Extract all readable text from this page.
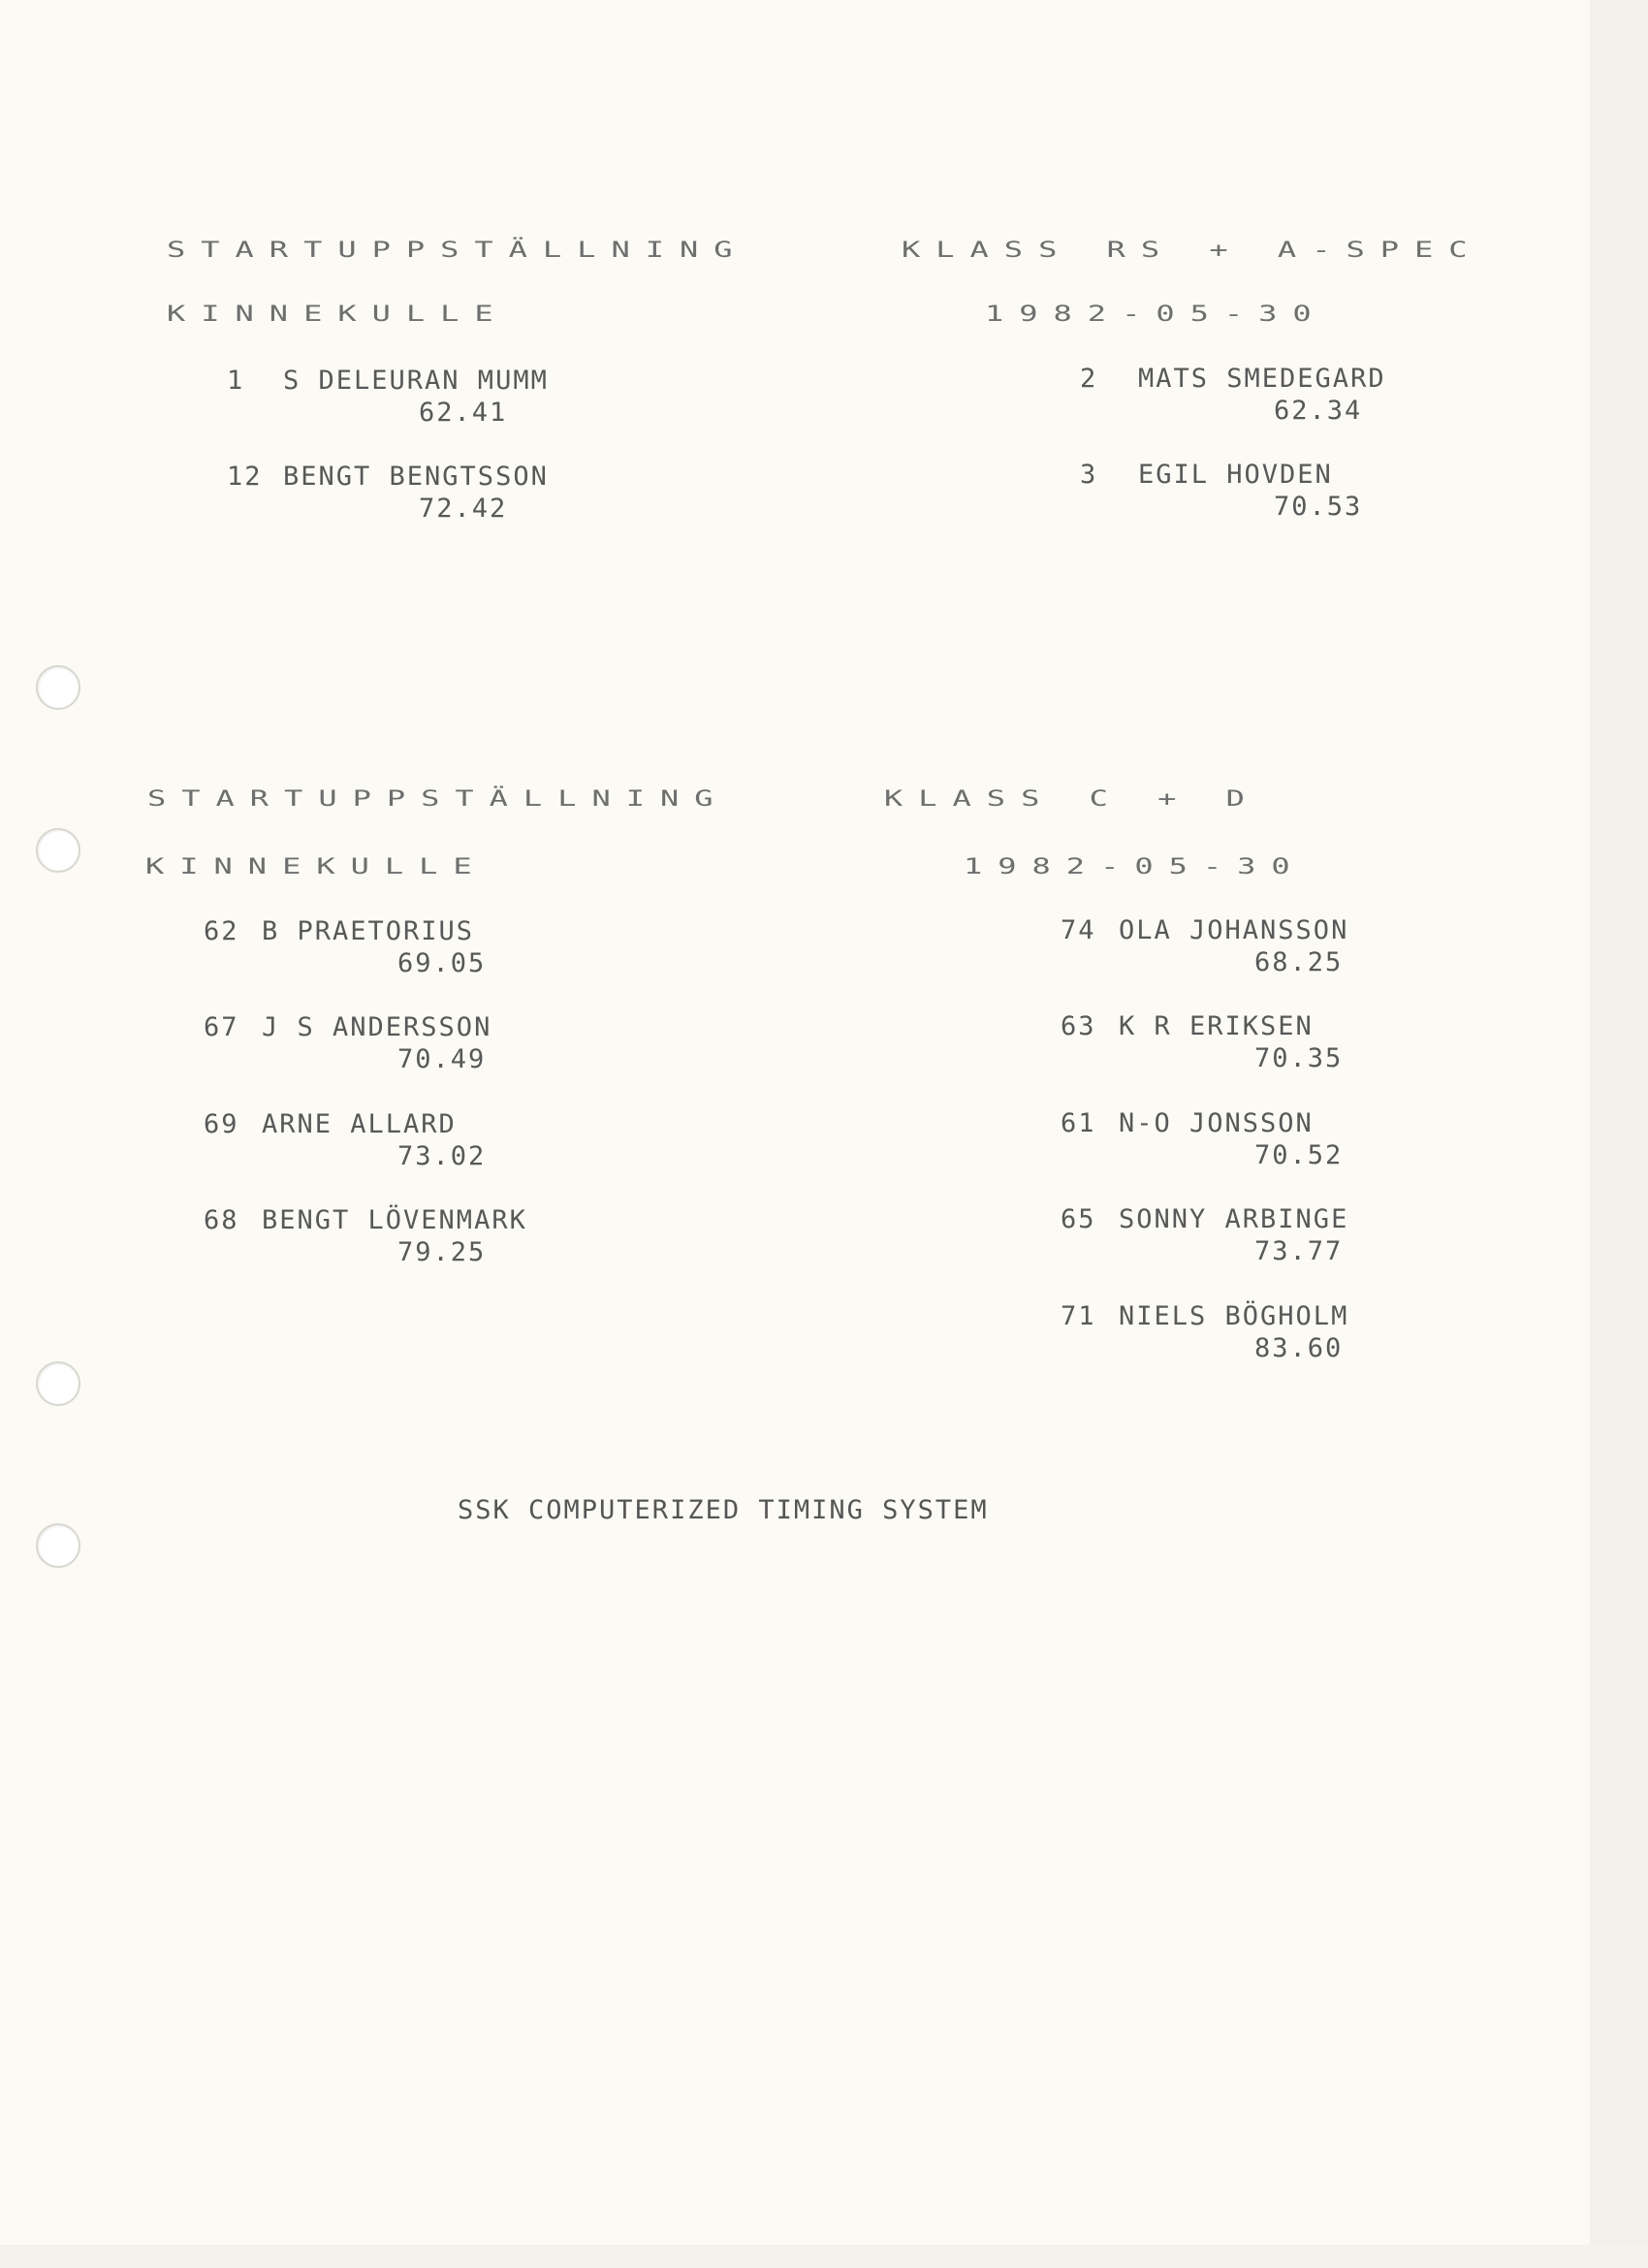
STARTUPPSTÄLLNING	KLASS RS + A-SPEC
KINNEKULLE	1982-05-30
1 S DELEURAN MUMM
62.41
12 BENGT BENGTSSON
72.42
2 MATS SMEDEGARD
62.34
3 EGIL HOVDEN
70.53
STARTUPPSTÄLLNING	KLASS C + D
KINNEKULLE	1982-05-30
62 B PRAETORIUS
69.05
67 J S ANDERSSON
70.49
69 ARNE ALLARD
73.02
68 BENGT LÖVENMARK
79.25
74 OLA JOHANSSON
68.25
63 K R ERIKSEN
70.35
61 N-O JONSSON
70.52
65 SONNY ARBINGE
73.77
71 NIELS BÖGHOLM
83.60
SSK COMPUTERIZED TIMING SYSTEM
